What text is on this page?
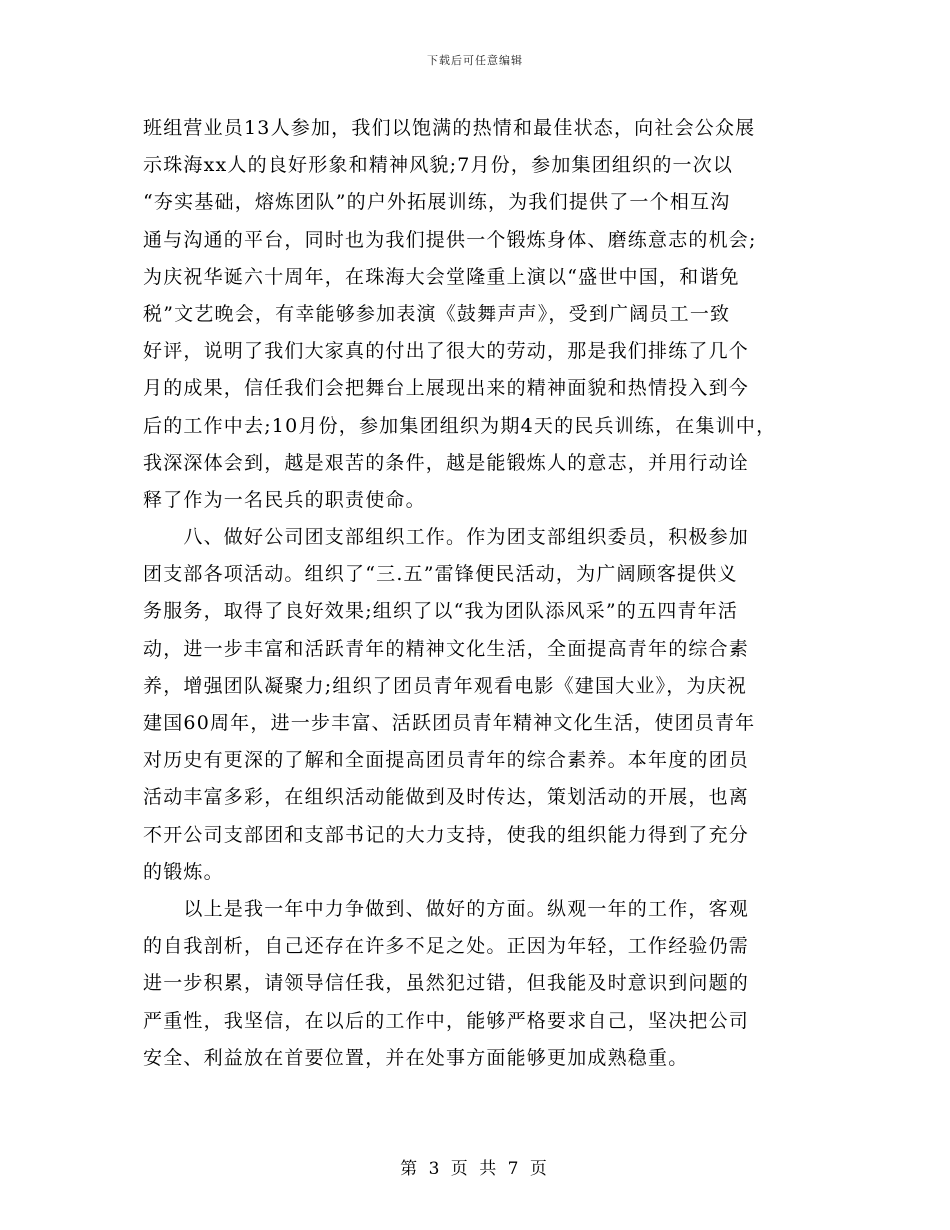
下载后可任意编辑
班组营业员13人参加，我们以饱满的热情和最佳状态，向社会公众展
示珠海xx人的良好形象和精神风貌;7月份，参加集团组织的一次以
“夯实基础，熔炼团队”的户外拓展训练，为我们提供了一个相互沟
通与沟通的平台，同时也为我们提供一个锻炼身体、磨练意志的机会;
为庆祝华诞六十周年，在珠海大会堂隆重上演以“盛世中国，和谐免
税”文艺晚会，有幸能够参加表演《鼓舞声声》，受到广阔员工一致
好评，说明了我们大家真的付出了很大的劳动，那是我们排练了几个
月的成果，信任我们会把舞台上展现出来的精神面貌和热情投入到今
后的工作中去;10月份，参加集团组织为期4天的民兵训练，在集训中，
我深深体会到，越是艰苦的条件，越是能锻炼人的意志，并用行动诠
释了作为一名民兵的职责使命。
　　八、做好公司团支部组织工作。作为团支部组织委员，积极参加
团支部各项活动。组织了“三.五”雷锋便民活动，为广阔顾客提供义
务服务，取得了良好效果;组织了以“我为团队添风采”的五四青年活
动，进一步丰富和活跃青年的精神文化生活，全面提高青年的综合素
养，增强团队凝聚力;组织了团员青年观看电影《建国大业》，为庆祝
建国60周年，进一步丰富、活跃团员青年精神文化生活，使团员青年
对历史有更深的了解和全面提高团员青年的综合素养。本年度的团员
活动丰富多彩，在组织活动能做到及时传达，策划活动的开展，也离
不开公司支部团和支部书记的大力支持，使我的组织能力得到了充分
的锻炼。
　　以上是我一年中力争做到、做好的方面。纵观一年的工作，客观
的自我剖析，自己还存在许多不足之处。正因为年轻，工作经验仍需
进一步积累，请领导信任我，虽然犯过错，但我能及时意识到问题的
严重性，我坚信，在以后的工作中，能够严格要求自己，坚决把公司
安全、利益放在首要位置，并在处事方面能够更加成熟稳重。
第 3 页 共 7 页
